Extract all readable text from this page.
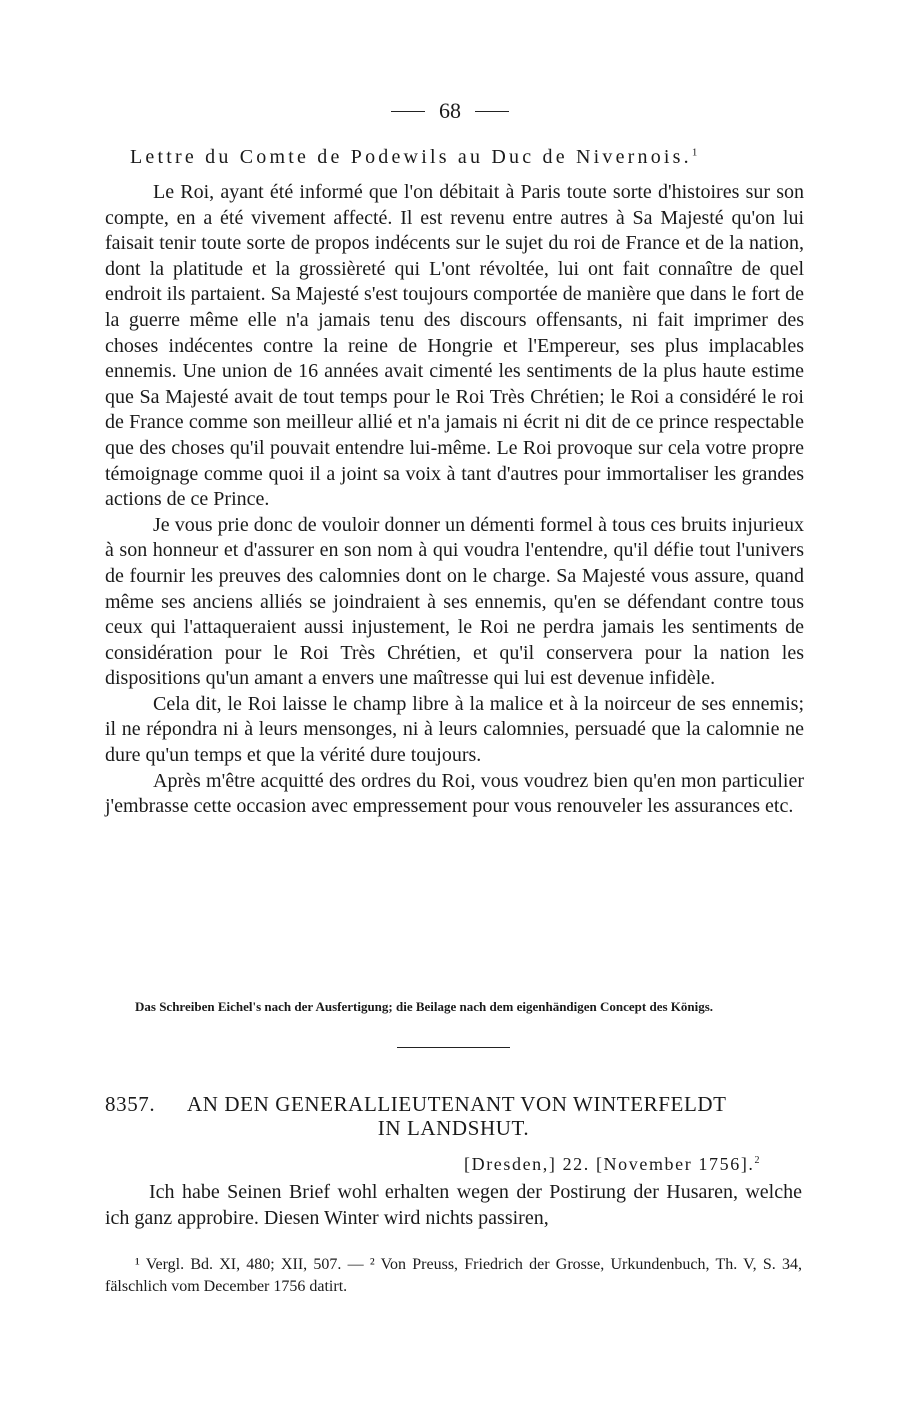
68
Lettre du Comte de Podewils au Duc de Nivernois.$^1$

Le Roi, ayant été informé que l'on débitait à Paris toute sorte d'histoires sur son compte, en a été vivement affecté. Il est revenu entre autres à Sa Majesté qu'on lui faisait tenir toute sorte de propos indécents sur le sujet du roi de France et de la nation, dont la platitude et la grossièreté qui L'ont révoltée, lui ont fait connaître de quel endroit ils partaient. Sa Majesté s'est toujours comportée de manière que dans le fort de la guerre même elle n'a jamais tenu des discours offensants, ni fait imprimer des choses indécentes contre la reine de Hongrie et l'Empereur, ses plus implacables ennemis. Une union de 16 années avait cimenté les sentiments de la plus haute estime que Sa Majesté avait de tout temps pour le Roi Très Chrétien; le Roi a considéré le roi de France comme son meilleur allié et n'a jamais ni écrit ni dit de ce prince respectable que des choses qu'il pouvait entendre lui-même. Le Roi provoque sur cela votre propre témoignage comme quoi il a joint sa voix à tant d'autres pour immortaliser les grandes actions de ce Prince.

Je vous prie donc de vouloir donner un démenti formel à tous ces bruits injurieux à son honneur et d'assurer en son nom à qui voudra l'entendre, qu'il défie tout l'univers de fournir les preuves des calomnies dont on le charge. Sa Majesté vous assure, quand même ses anciens alliés se joindraient à ses ennemis, qu'en se défendant contre tous ceux qui l'attaqueraient aussi injustement, le Roi ne perdra jamais les sentiments de considération pour le Roi Très Chrétien, et qu'il conservera pour la nation les dispositions qu'un amant a envers une maîtresse qui lui est devenue infidèle.

Cela dit, le Roi laisse le champ libre à la malice et à la noirceur de ses ennemis; il ne répondra ni à leurs mensonges, ni à leurs calomnies, persuadé que la calomnie ne dure qu'un temps et que la vérité dure toujours.

Après m'être acquitté des ordres du Roi, vous voudrez bien qu'en mon particulier j'embrasse cette occasion avec empressement pour vous renouveler les assurances etc.

Das Schreiben Eichel's nach der Ausfertigung; die Beilage nach dem eigenhändigen Concept des Königs.

8357. AN DEN GENERALLIEUTENANT VON WINTERFELDT
IN LANDSHUT.
[Dresden,] 22. [November 1756].$^2$

Ich habe Seinen Brief wohl erhalten wegen der Postirung der Husaren, welche ich ganz approbire. Diesen Winter wird nichts passiren,

¹ Vergl. Bd. XI, 480; XII, 507. — ² Von Preuss, Friedrich der Grosse, Urkundenbuch, Th. V, S. 34, fälschlich vom December 1756 datirt.
